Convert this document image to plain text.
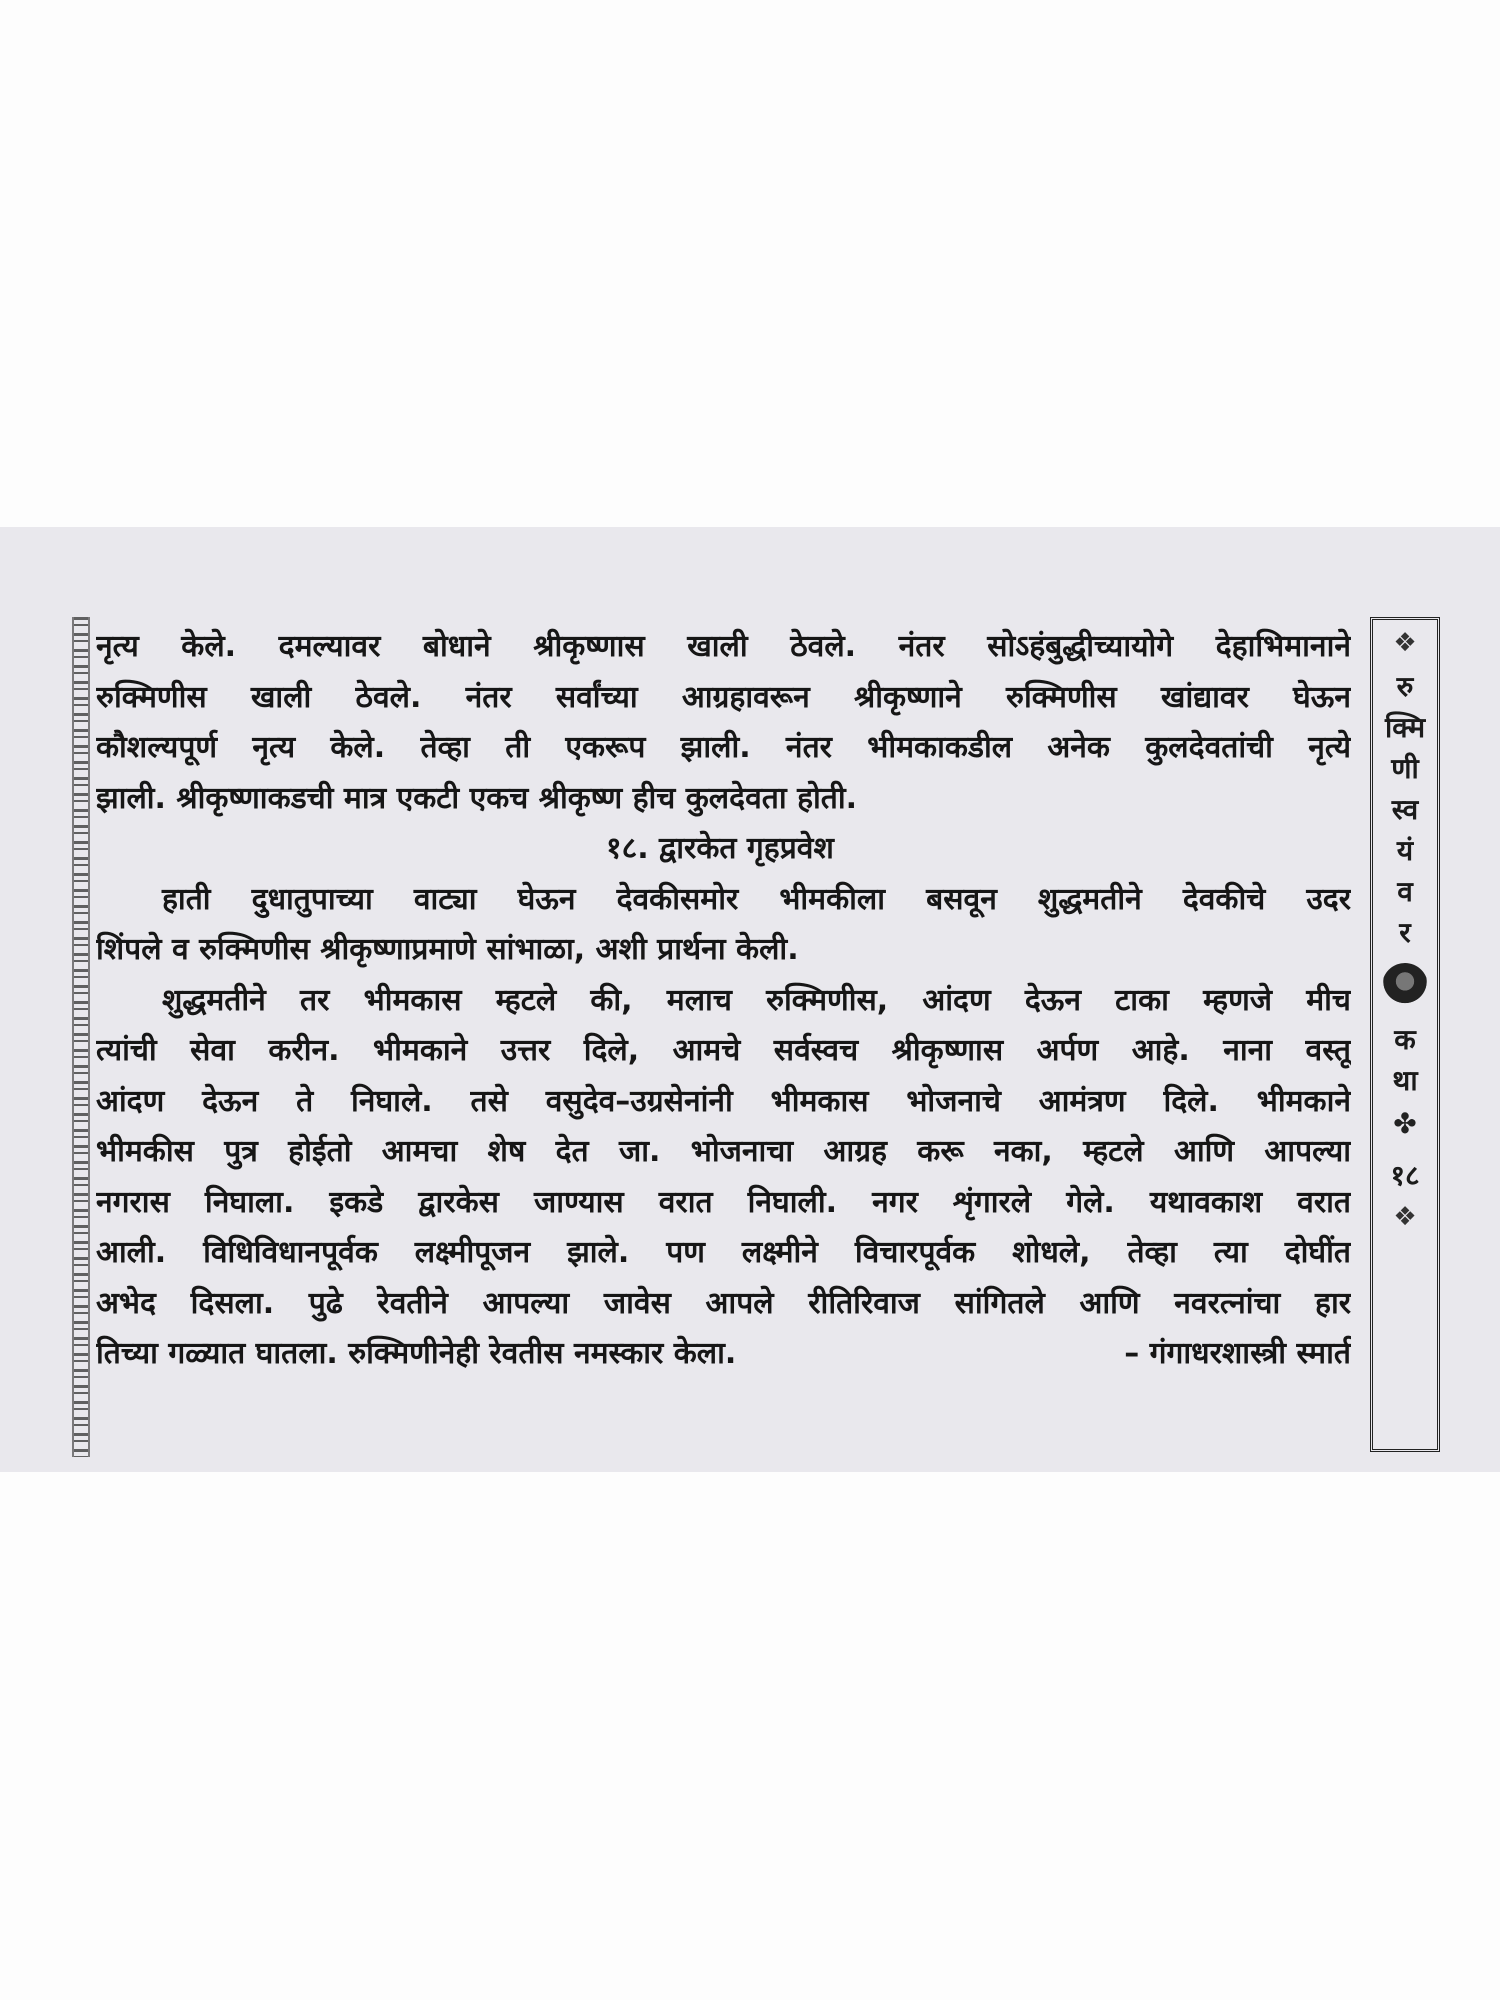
नृत्य केले. दमल्यावर बोधाने श्रीकृष्णास खाली ठेवले. नंतर सोऽहंबुद्धीच्यायोगे देहाभिमानाने
रुक्मिणीस खाली ठेवले. नंतर सर्वांच्या आग्रहावरून श्रीकृष्णाने रुक्मिणीस खांद्यावर घेऊन
कौशल्यपूर्ण नृत्य केले. तेव्हा ती एकरूप झाली. नंतर भीमकाकडील अनेक कुलदेवतांची नृत्ये
झाली. श्रीकृष्णाकडची मात्र एकटी एकच श्रीकृष्ण हीच कुलदेवता होती.
१८. द्वारकेत गृहप्रवेश
हाती दुधातुपाच्या वाट्या घेऊन देवकीसमोर भीमकीला बसवून शुद्धमतीने देवकीचे उदर
शिंपले व रुक्मिणीस श्रीकृष्णाप्रमाणे सांभाळा, अशी प्रार्थना केली.
शुद्धमतीने तर भीमकास म्हटले की, मलाच रुक्मिणीस, आंदण देऊन टाका म्हणजे मीच
त्यांची सेवा करीन. भीमकाने उत्तर दिले, आमचे सर्वस्वच श्रीकृष्णास अर्पण आहे. नाना वस्तू
आंदण देऊन ते निघाले. तसे वसुदेव–उग्रसेनांनी भीमकास भोजनाचे आमंत्रण दिले. भीमकाने
भीमकीस पुत्र होईतो आमचा शेष देत जा. भोजनाचा आग्रह करू नका, म्हटले आणि आपल्या
नगरास निघाला. इकडे द्वारकेस जाण्यास वरात निघाली. नगर शृंगारले गेले. यथावकाश वरात
आली. विधिविधानपूर्वक लक्ष्मीपूजन झाले. पण लक्ष्मीने विचारपूर्वक शोधले, तेव्हा त्या दोघींत
अभेद दिसला. पुढे रेवतीने आपल्या जावेस आपले रीतिरिवाज सांगितले आणि नवरत्नांचा हार
तिच्या गळ्यात घातला. रुक्मिणीनेही रेवतीस नमस्कार केला.	– गंगाधरशास्त्री स्मार्त
❖
रु
क्मि
णी
स्व
यं
व
र
क
था
✤
१८
❖
